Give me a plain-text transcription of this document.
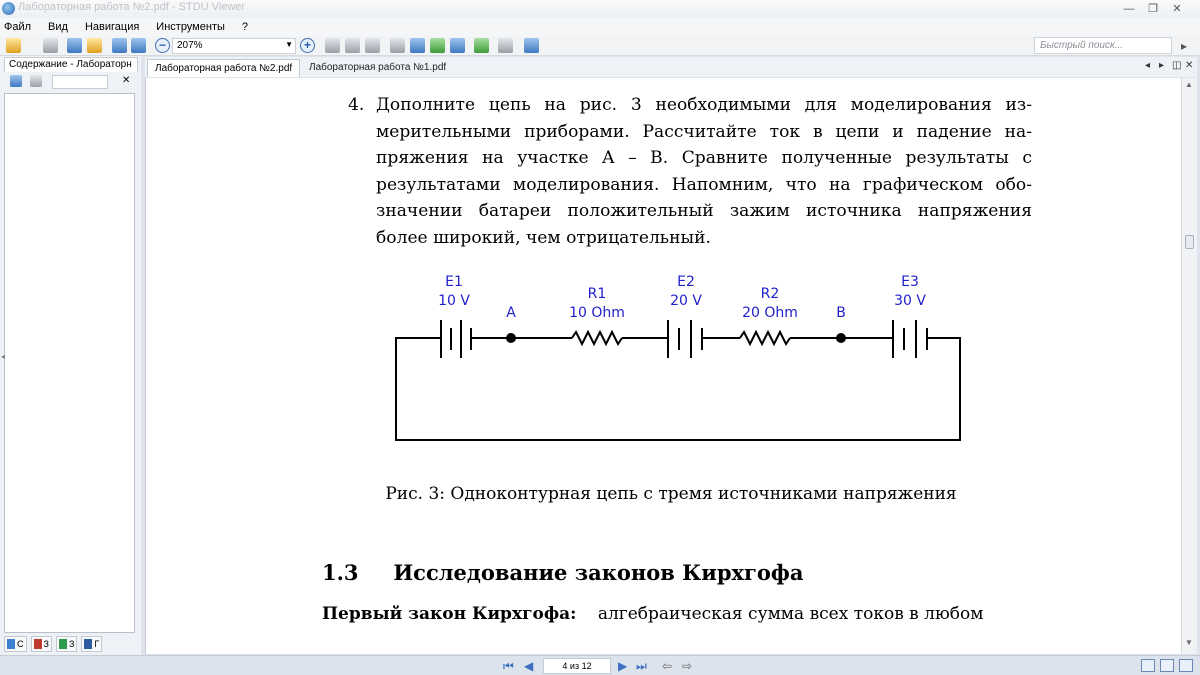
Лабораторная работа №2.pdf - STDU Viewer	—	❐	✕
Файл Вид Навигация Инструменты ?
−	207%	▼ +	Быстрый поиск...	▸
Содержание - Лабораторн
✕
С З З Г
◂
Лабораторная работа №2.pdf	Лабораторная работа №1.pdf	◂ ▸ ◫ ✕
4. Дополните цепь на рис. 3 необходимыми для моделирования измерительными приборами. Рассчитайте ток в цепи и падение напряжения на участке A – B. Сравните полученные результаты с результатами моделирования. Напомним, что на графическом обозначении батареи положительный зажим источника напряжения более широкий, чем отрицательный.
E1
10 V
A
R1
10 Ohm
E2
20 V	R2
20 Ohm	B
E3
30 V
Рис. 3: Одноконтурная цепь с тремя источниками напряжения
1.3 Исследование законов Кирхгофа
Первый закон Кирхгофа: алгебраическая сумма всех токов в любом
▲
▼
⏮ ◀	4 из 12	▶ ⏭ ⇦ ⇨
